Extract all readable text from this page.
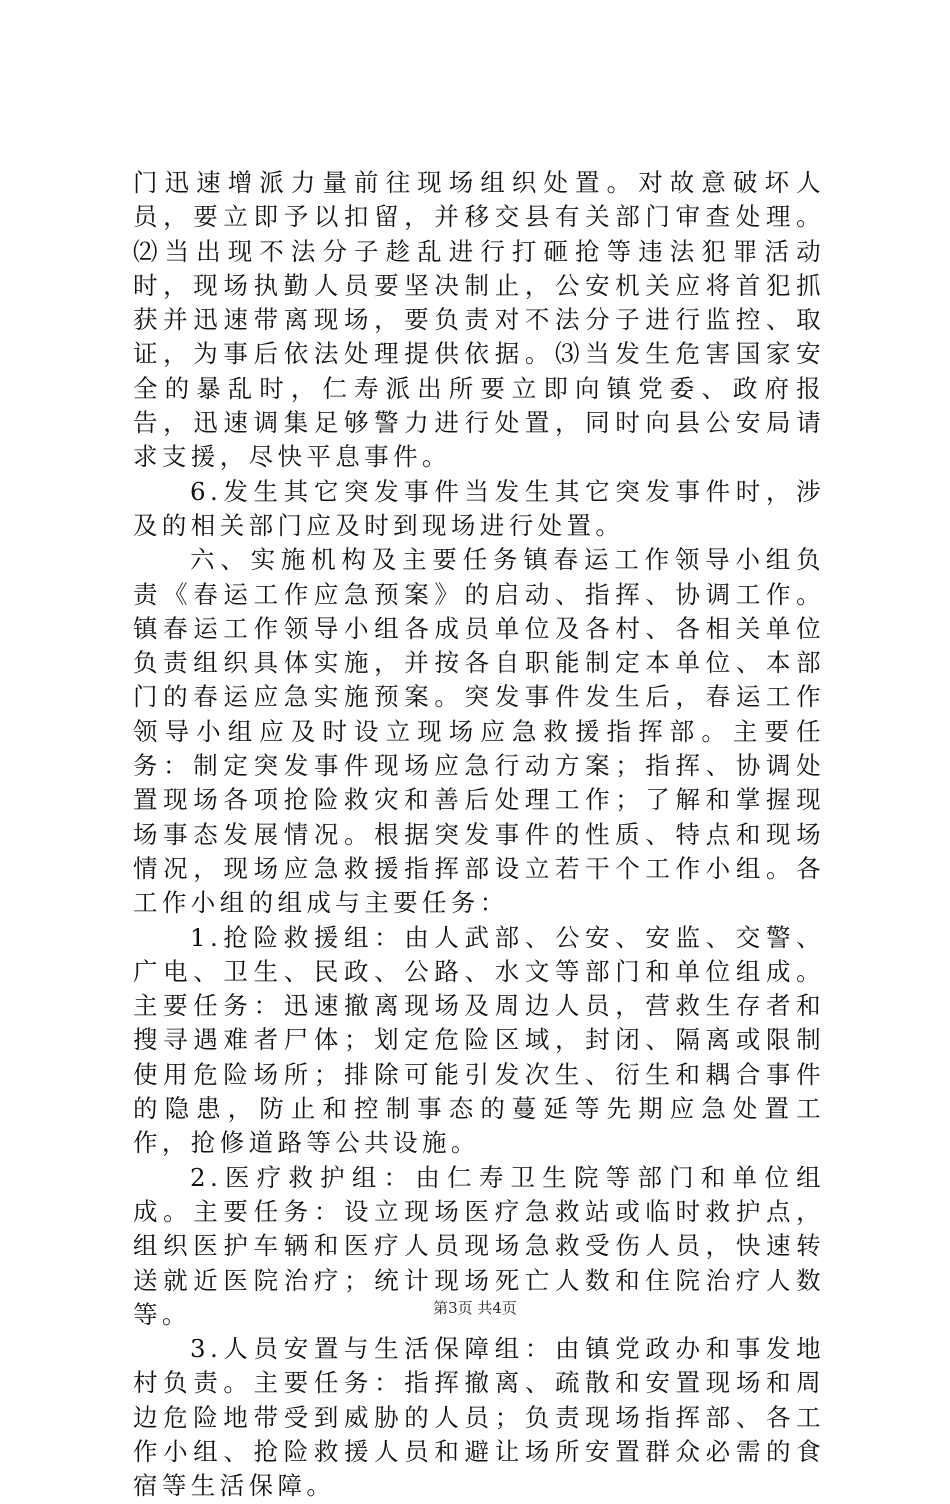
门迅速增派力量前往现场组织处置。对故意破坏人员，要立即予以扣留，并移交县有关部门审查处理。⑵当出现不法分子趁乱进行打砸抢等违法犯罪活动时，现场执勤人员要坚决制止，公安机关应将首犯抓获并迅速带离现场，要负责对不法分子进行监控、取证，为事后依法处理提供依据。⑶当发生危害国家安全的暴乱时，仁寿派出所要立即向镇党委、政府报告，迅速调集足够警力进行处置，同时向县公安局请求支援，尽快平息事件。

6.发生其它突发事件当发生其它突发事件时，涉及的相关部门应及时到现场进行处置。

六、实施机构及主要任务镇春运工作领导小组负责《春运工作应急预案》的启动、指挥、协调工作。镇春运工作领导小组各成员单位及各村、各相关单位负责组织具体实施，并按各自职能制定本单位、本部门的春运应急实施预案。突发事件发生后，春运工作领导小组应及时设立现场应急救援指挥部。主要任务：制定突发事件现场应急行动方案；指挥、协调处置现场各项抢险救灾和善后处理工作；了解和掌握现场事态发展情况。根据突发事件的性质、特点和现场情况，现场应急救援指挥部设立若干个工作小组。各工作小组的组成与主要任务：

1.抢险救援组：由人武部、公安、安监、交警、广电、卫生、民政、公路、水文等部门和单位组成。主要任务：迅速撤离现场及周边人员，营救生存者和搜寻遇难者尸体；划定危险区域，封闭、隔离或限制使用危险场所；排除可能引发次生、衍生和耦合事件的隐患，防止和控制事态的蔓延等先期应急处置工作，抢修道路等公共设施。

2.医疗救护组：由仁寿卫生院等部门和单位组成。主要任务：设立现场医疗急救站或临时救护点，组织医护车辆和医疗人员现场急救受伤人员，快速转送就近医院治疗；统计现场死亡人数和住院治疗人数等。

3.人员安置与生活保障组：由镇党政办和事发地村负责。主要任务：指挥撤离、疏散和安置现场和周边危险地带受到威胁的人员；负责现场指挥部、各工作小组、抢险救援人员和避让场所安置群众必需的食宿等生活保障。

第3页 共4页
